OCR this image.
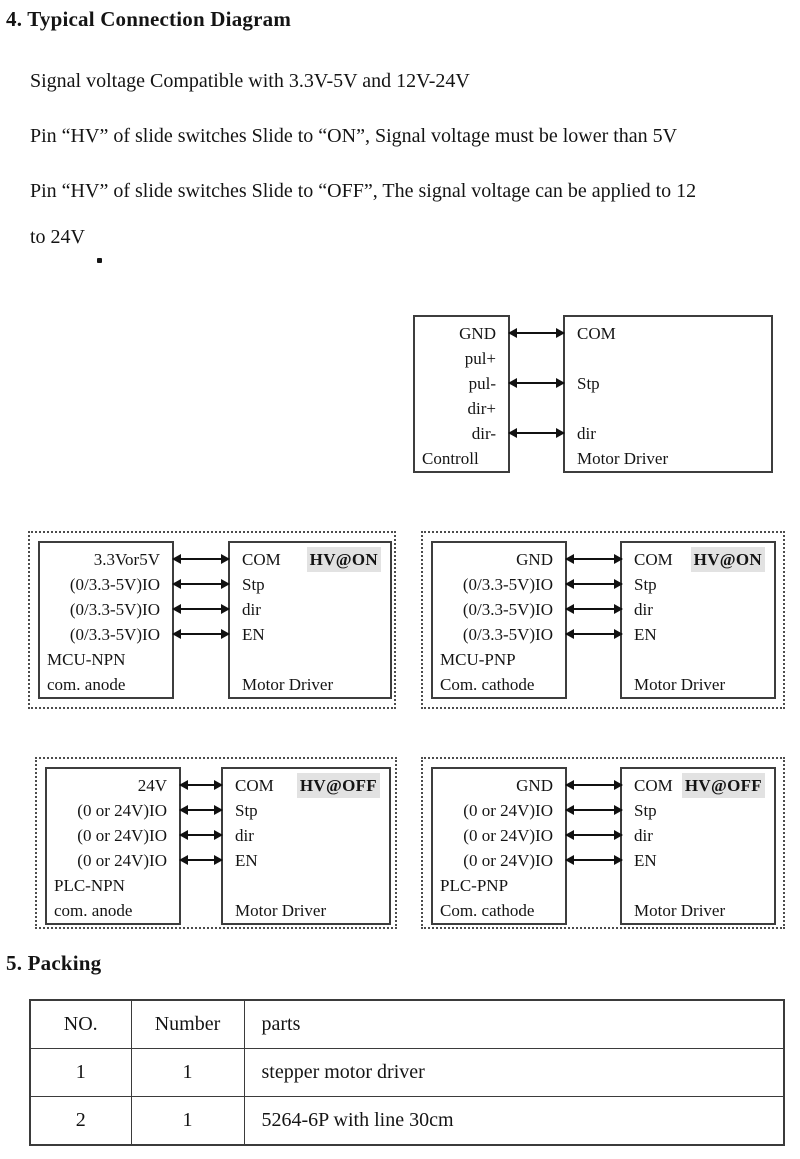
4. Typical Connection Diagram
Signal voltage Compatible with 3.3V-5V and 12V-24V
Pin “HV” of slide switches Slide to “ON”, Signal voltage must be lower than 5V
Pin “HV” of slide switches Slide to “OFF”, The signal voltage can be applied to 12
to 24V
GND
pul+
pul-
dir+
dir-
Controll
COM
Stp
dir
Motor Driver
3.3Vor5V
(0/3.3-5V)IO
(0/3.3-5V)IO
(0/3.3-5V)IO
MCU-NPN
com. anode
COM HV@ON
Stp
dir
EN
Motor Driver
GND
(0/3.3-5V)IO
(0/3.3-5V)IO
(0/3.3-5V)IO
MCU-PNP
Com. cathode
COM HV@ON
Stp
dir
EN
Motor Driver
24V
(0 or 24V)IO
(0 or 24V)IO
(0 or 24V)IO
PLC-NPN
com. anode
COM HV@OFF
Stp
dir
EN
Motor Driver
GND
(0 or 24V)IO
(0 or 24V)IO
(0 or 24V)IO
PLC-PNP
Com. cathode
COM HV@OFF
Stp
dir
EN
Motor Driver
5. Packing
NO.	Number	parts
1	1	stepper motor driver
2	1	5264-6P with line 30cm
